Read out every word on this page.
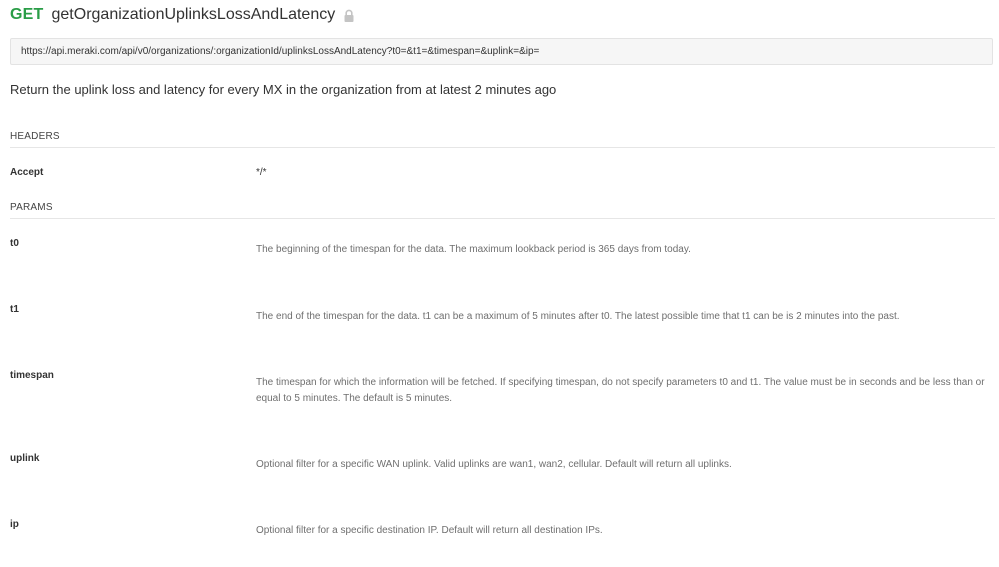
GET getOrganizationUplinksLossAndLatency
https://api.meraki.com/api/v0/organizations/:organizationId/uplinksLossAndLatency?t0=&t1=&timespan=&uplink=&ip=
Return the uplink loss and latency for every MX in the organization from at latest 2 minutes ago
HEADERS
Accept	*/*
PARAMS
t0
The beginning of the timespan for the data. The maximum lookback period is 365 days from today.
t1
The end of the timespan for the data. t1 can be a maximum of 5 minutes after t0. The latest possible time that t1 can be is 2 minutes into the past.
timespan
The timespan for which the information will be fetched. If specifying timespan, do not specify parameters t0 and t1. The value must be in seconds and be less than or equal to 5 minutes. The default is 5 minutes.
uplink
Optional filter for a specific WAN uplink. Valid uplinks are wan1, wan2, cellular. Default will return all uplinks.
ip
Optional filter for a specific destination IP. Default will return all destination IPs.
